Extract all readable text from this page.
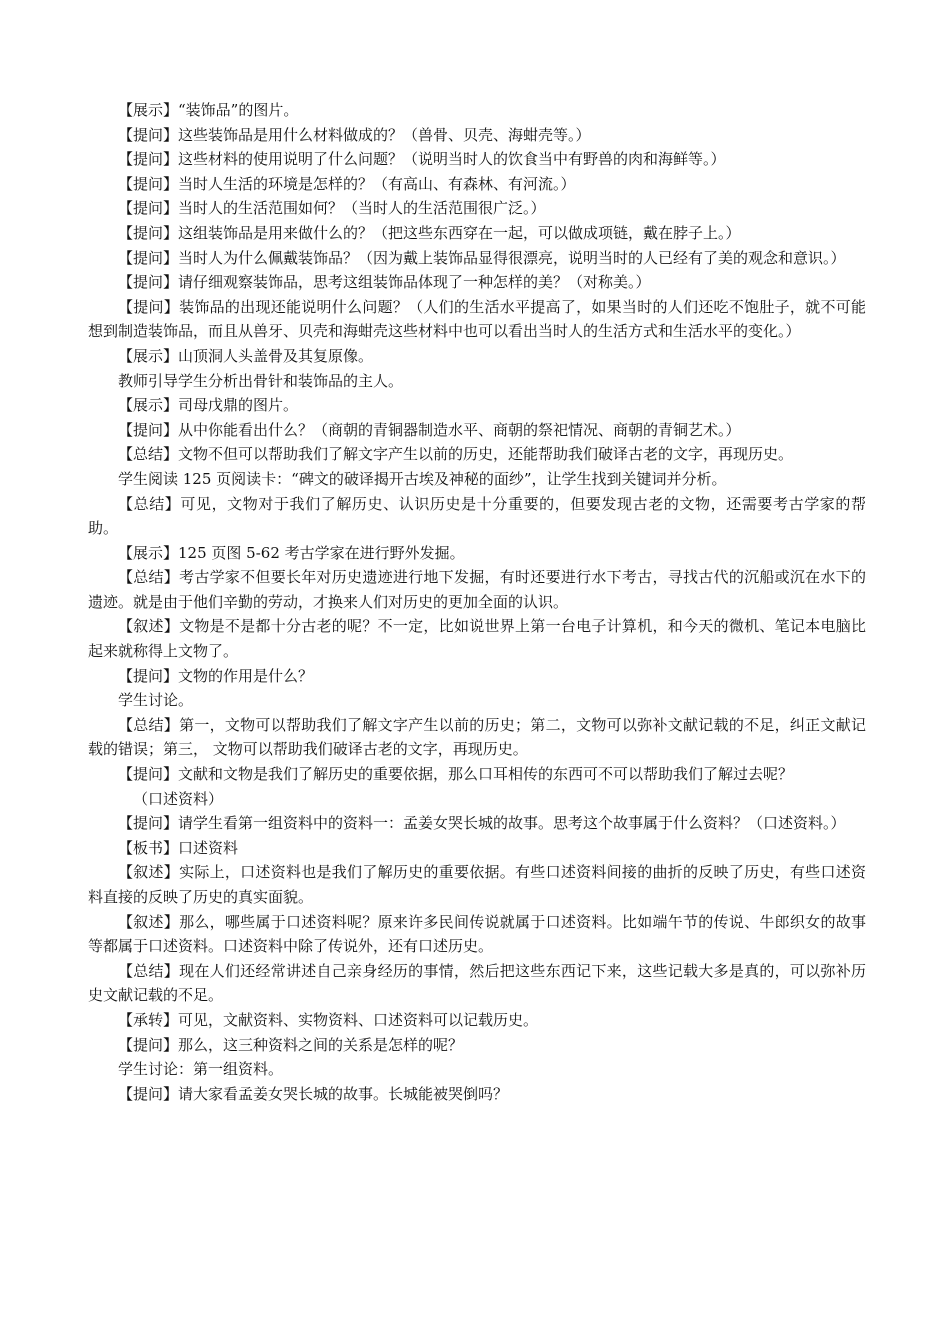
【展示】“装饰品”的图片。

【提问】这些装饰品是用什么材料做成的？（兽骨、贝壳、海蚶壳等。）

【提问】这些材料的使用说明了什么问题？（说明当时人的饮食当中有野兽的肉和海鲜等。）

【提问】当时人生活的环境是怎样的？（有高山、有森林、有河流。）

【提问】当时人的生活范围如何？（当时人的生活范围很广泛。）

【提问】这组装饰品是用来做什么的？（把这些东西穿在一起，可以做成项链，戴在脖子上。）

【提问】当时人为什么佩戴装饰品？（因为戴上装饰品显得很漂亮，说明当时的人已经有了美的观念和意识。）

【提问】请仔细观察装饰品，思考这组装饰品体现了一种怎样的美？（对称美。）

【提问】装饰品的出现还能说明什么问题？（人们的生活水平提高了，如果当时的人们还吃不饱肚子，就不可能想到制造装饰品，而且从兽牙、贝壳和海蚶壳这些材料中也可以看出当时人的生活方式和生活水平的变化。）

【展示】山顶洞人头盖骨及其复原像。

教师引导学生分析出骨针和装饰品的主人。

【展示】司母戊鼎的图片。

【提问】从中你能看出什么？（商朝的青铜器制造水平、商朝的祭祀情况、商朝的青铜艺术。）

【总结】文物不但可以帮助我们了解文字产生以前的历史，还能帮助我们破译古老的文字，再现历史。

学生阅读 125 页阅读卡：“碑文的破译揭开古埃及神秘的面纱”，让学生找到关键词并分析。

【总结】可见，文物对于我们了解历史、认识历史是十分重要的，但要发现古老的文物，还需要考古学家的帮助。

【展示】125 页图 5-62 考古学家在进行野外发掘。

【总结】考古学家不但要长年对历史遗迹进行地下发掘，有时还要进行水下考古，寻找古代的沉船或沉在水下的遗迹。就是由于他们辛勤的劳动，才换来人们对历史的更加全面的认识。

【叙述】文物是不是都十分古老的呢？不一定，比如说世界上第一台电子计算机，和今天的微机、笔记本电脑比起来就称得上文物了。

【提问】文物的作用是什么？

学生讨论。

【总结】第一，文物可以帮助我们了解文字产生以前的历史；第二，文物可以弥补文献记载的不足，纠正文献记载的错误；第三， 文物可以帮助我们破译古老的文字，再现历史。

【提问】文献和文物是我们了解历史的重要依据，那么口耳相传的东西可不可以帮助我们了解过去呢？

（口述资料）

【提问】请学生看第一组资料中的资料一：孟姜女哭长城的故事。思考这个故事属于什么资料？（口述资料。）

【板书】口述资料

【叙述】实际上，口述资料也是我们了解历史的重要依据。有些口述资料间接的曲折的反映了历史，有些口述资料直接的反映了历史的真实面貌。

【叙述】那么，哪些属于口述资料呢？原来许多民间传说就属于口述资料。比如端午节的传说、牛郎织女的故事等都属于口述资料。口述资料中除了传说外，还有口述历史。

【总结】现在人们还经常讲述自己亲身经历的事情，然后把这些东西记下来，这些记载大多是真的，可以弥补历史文献记载的不足。

【承转】可见，文献资料、实物资料、口述资料可以记载历史。

【提问】那么，这三种资料之间的关系是怎样的呢？

学生讨论：第一组资料。

【提问】请大家看孟姜女哭长城的故事。长城能被哭倒吗？
